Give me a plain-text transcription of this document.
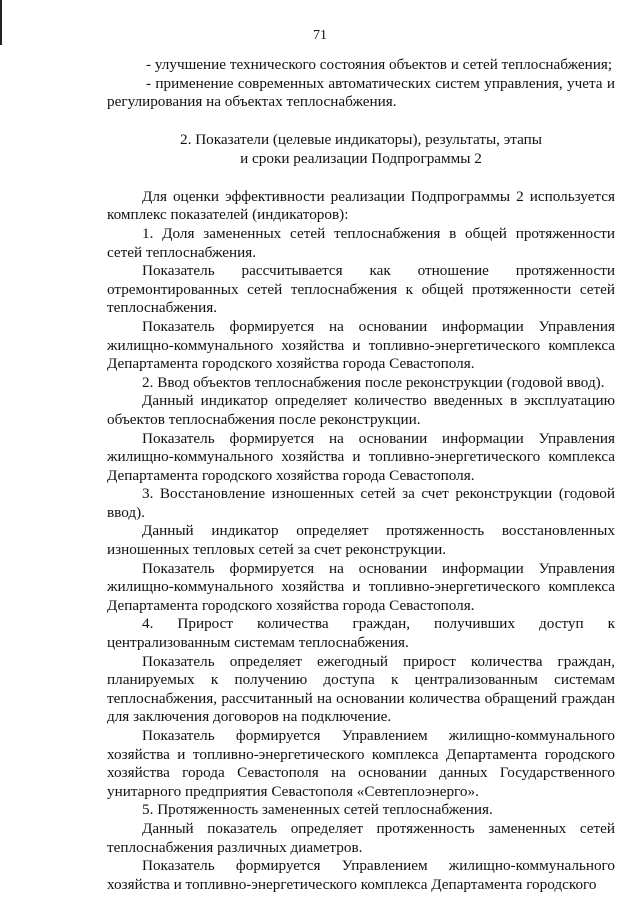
71

- улучшение технического состояния объектов и сетей теплоснабжения;

- применение современных автоматических систем управления, учета и регулирования на объектах теплоснабжения.

2. Показатели (целевые индикаторы), результаты, этапы
и сроки реализации Подпрограммы 2

Для оценки эффективности реализации Подпрограммы 2 используется комплекс показателей (индикаторов):

1. Доля замененных сетей теплоснабжения в общей протяженности сетей теплоснабжения.

Показатель рассчитывается как отношение протяженности отремонтированных сетей теплоснабжения к общей протяженности сетей теплоснабжения.

Показатель формируется на основании информации Управления жилищно-коммунального хозяйства и топливно-энергетического комплекса Департамента городского хозяйства города Севастополя.

2. Ввод объектов теплоснабжения после реконструкции (годовой ввод).

Данный индикатор определяет количество введенных в эксплуатацию объектов теплоснабжения после реконструкции.

Показатель формируется на основании информации Управления жилищно-коммунального хозяйства и топливно-энергетического комплекса Департамента городского хозяйства города Севастополя.

3. Восстановление изношенных сетей за счет реконструкции (годовой ввод).

Данный индикатор определяет протяженность восстановленных изношенных тепловых сетей за счет реконструкции.

Показатель формируется на основании информации Управления жилищно-коммунального хозяйства и топливно-энергетического комплекса Департамента городского хозяйства города Севастополя.

4. Прирост количества граждан, получивших доступ к централизованным системам теплоснабжения.

Показатель определяет ежегодный прирост количества граждан, планируемых к получению доступа к централизованным системам теплоснабжения, рассчитанный на основании количества обращений граждан для заключения договоров на подключение.

Показатель формируется Управлением жилищно-коммунального хозяйства и топливно-энергетического комплекса Департамента городского хозяйства города Севастополя на основании данных Государственного унитарного предприятия Севастополя «Севтеплоэнерго».

5. Протяженность замененных сетей теплоснабжения.

Данный показатель определяет протяженность замененных сетей теплоснабжения различных диаметров.

Показатель формируется Управлением жилищно-коммунального хозяйства и топливно-энергетического комплекса Департамента городского
